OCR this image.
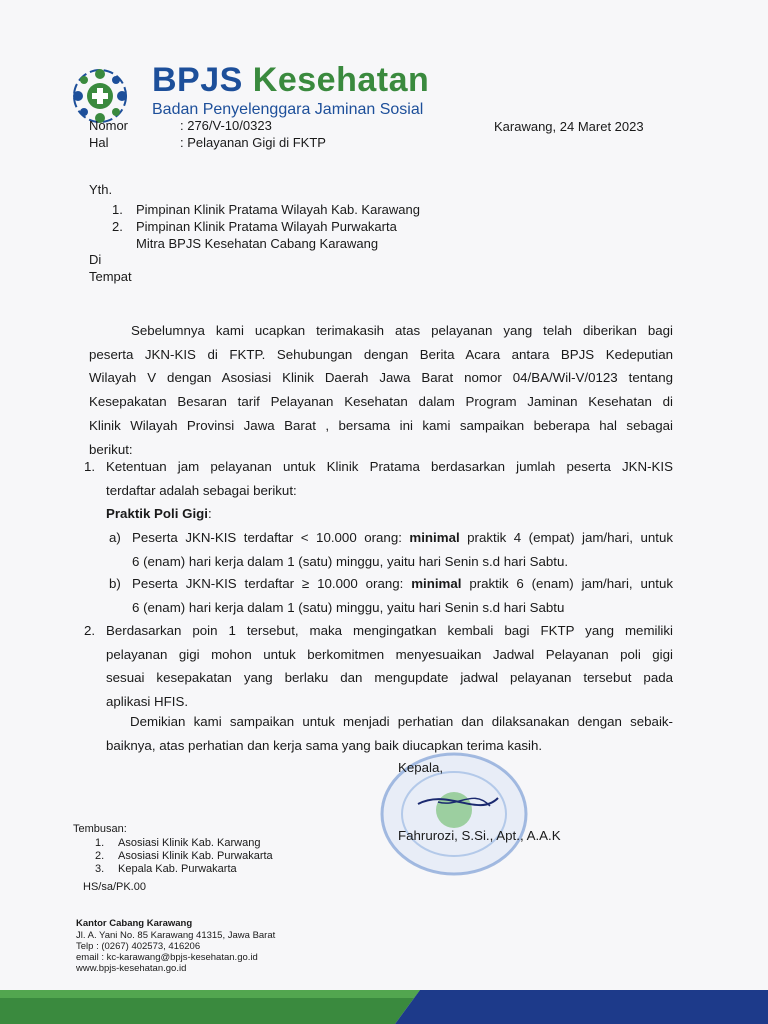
BPJS Kesehatan
Badan Penyelenggara Jaminan Sosial
Nomor	: 276/V-10/0323
Hal	: Pelayanan Gigi di FKTP
Karawang, 24 Maret 2023
Yth.
1. Pimpinan Klinik Pratama Wilayah Kab. Karawang
2. Pimpinan Klinik Pratama Wilayah Purwakarta
Mitra BPJS Kesehatan Cabang Karawang
Di
Tempat
Sebelumnya kami ucapkan terimakasih atas pelayanan yang telah diberikan bagi
peserta JKN-KIS di FKTP. Sehubungan dengan Berita Acara antara BPJS Kedeputian
Wilayah V dengan Asosiasi Klinik Daerah Jawa Barat nomor 04/BA/Wil-V/0123 tentang
Kesepakatan Besaran tarif Pelayanan Kesehatan dalam Program Jaminan Kesehatan di
Klinik Wilayah Provinsi Jawa Barat , bersama ini kami sampaikan beberapa hal sebagai
berikut:
1. Ketentuan jam pelayanan untuk Klinik Pratama berdasarkan jumlah peserta JKN-KIS
terdaftar adalah sebagai berikut:
Praktik Poli Gigi:
a) Peserta JKN-KIS terdaftar < 10.000 orang: minimal praktik 4 (empat) jam/hari, untuk
6 (enam) hari kerja dalam 1 (satu) minggu, yaitu hari Senin s.d hari Sabtu.
b) Peserta JKN-KIS terdaftar ≥ 10.000 orang: minimal praktik 6 (enam) jam/hari, untuk
6 (enam) hari kerja dalam 1 (satu) minggu, yaitu hari Senin s.d hari Sabtu
2. Berdasarkan poin 1 tersebut, maka mengingatkan kembali bagi FKTP yang memiliki
pelayanan gigi mohon untuk berkomitmen menyesuaikan Jadwal Pelayanan poli gigi
sesuai kesepakatan yang berlaku dan mengupdate jadwal pelayanan tersebut pada
aplikasi HFIS.
Demikian kami sampaikan untuk menjadi perhatian dan dilaksanakan dengan sebaik-
baiknya, atas perhatian dan kerja sama yang baik diucapkan terima kasih.
Kepala,
Fahrurozi, S.Si., Apt., A.A.K
Tembusan:
1. Asosiasi Klinik Kab. Karwang
2. Asosiasi Klinik Kab. Purwakarta
3. Kepala Kab. Purwakarta
HS/sa/PK.00
Kantor Cabang Karawang
Jl. A. Yani No. 85 Karawang 41315, Jawa Barat
Telp : (0267) 402573, 416206
email : kc-karawang@bpjs-kesehatan.go.id
www.bpjs-kesehatan.go.id
